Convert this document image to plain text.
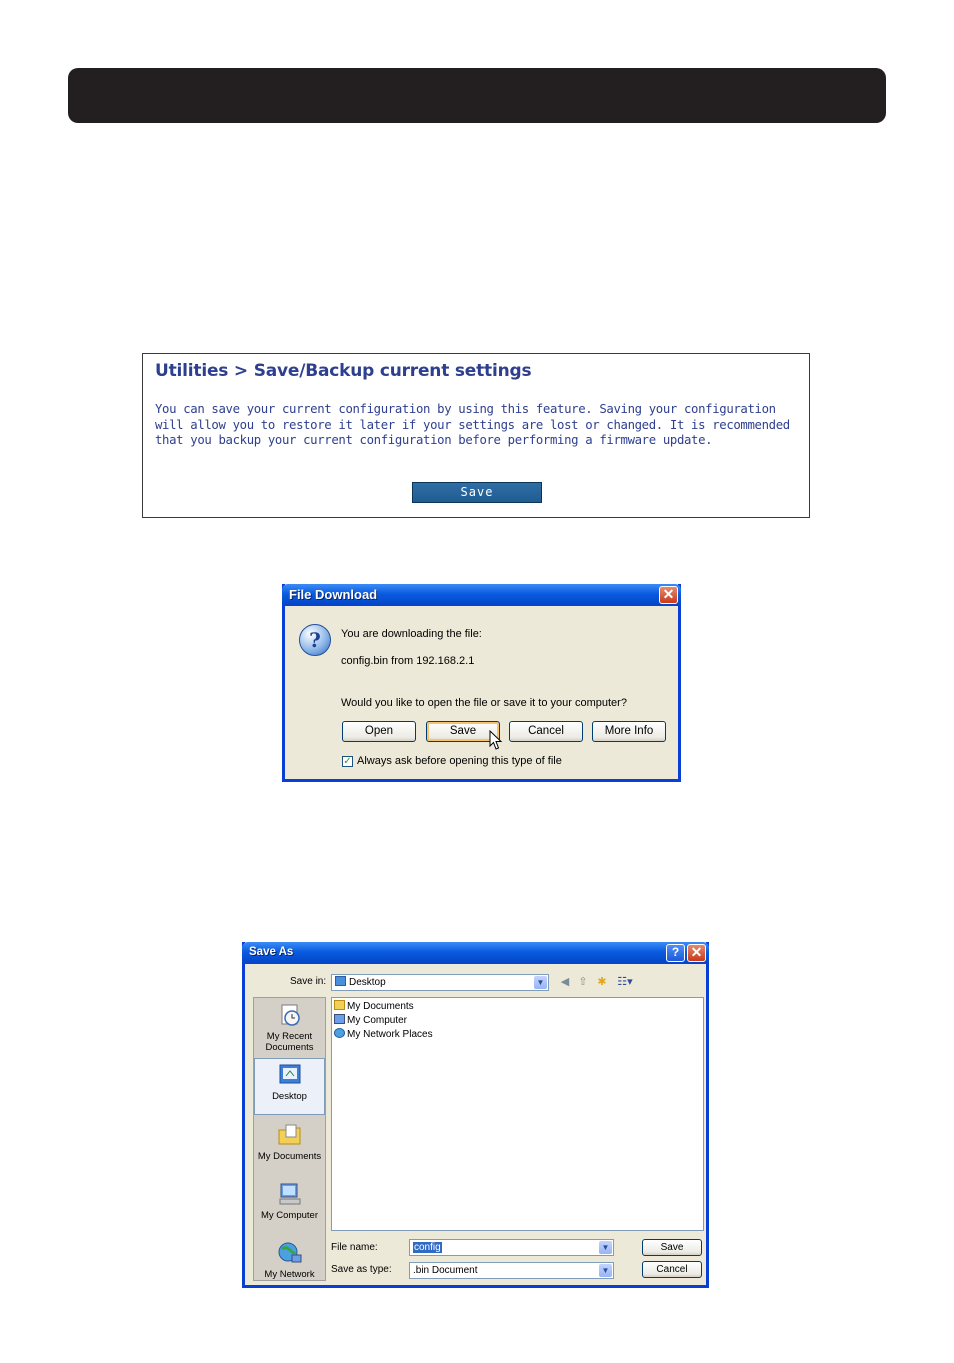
Utilities > Save/Backup current settings
You can save your current configuration by using this feature. Saving your configuration will allow you to restore it later if your settings are lost or changed. It is recommended that you backup your current configuration before performing a firmware update.
Save
File Download	✕
?	You are downloading the file:
config.bin from 192.168.2.1
Would you like to open the file or save it to your computer?
Open	Save	Cancel	More Info
✓ Always ask before opening this type of file
Save As	? ✕
Save in:	Desktop	▼ ◀ ⇧ ✱ ☷▾
My Recent Documents
Desktop
My Documents
My Computer
My Network
My Documents
My Computer
My Network Places
File name:	config	▼
Save as type:	.bin Document	▼
Save
Cancel
